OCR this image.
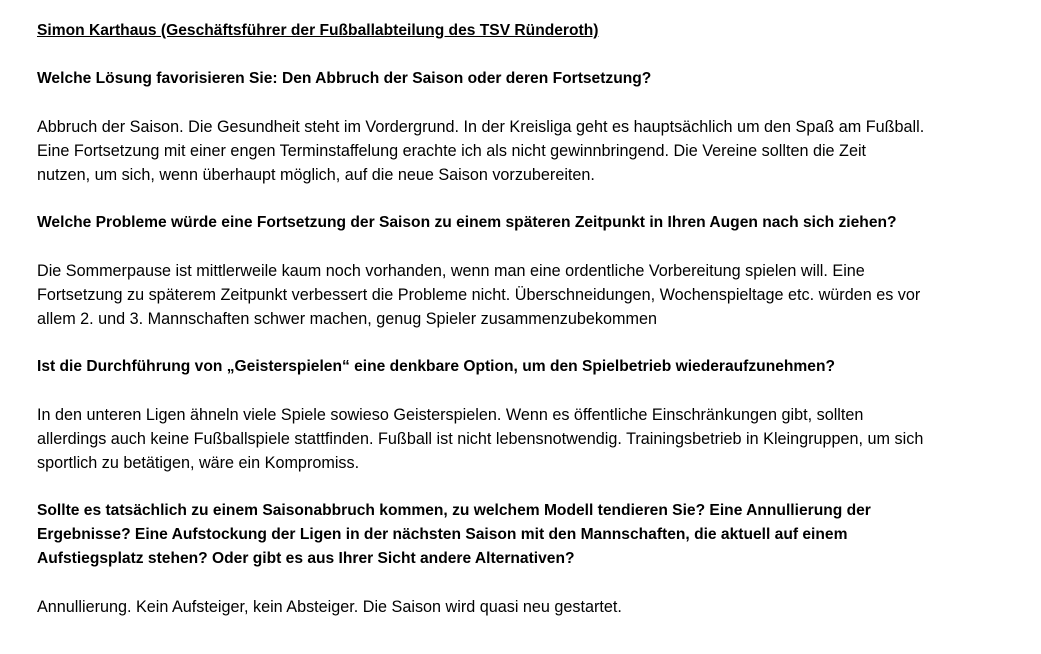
Simon Karthaus (Geschäftsführer der Fußballabteilung des TSV Ründeroth)
Welche Lösung favorisieren Sie: Den Abbruch der Saison oder deren Fortsetzung?
Abbruch der Saison. Die Gesundheit steht im Vordergrund. In der Kreisliga geht es hauptsächlich um den Spaß am Fußball.
Eine Fortsetzung mit einer engen Terminstaffelung erachte ich als nicht gewinnbringend. Die Vereine sollten die Zeit
nutzen, um sich, wenn überhaupt möglich, auf die neue Saison vorzubereiten.
Welche Probleme würde eine Fortsetzung der Saison zu einem späteren Zeitpunkt in Ihren Augen nach sich ziehen?
Die Sommerpause ist mittlerweile kaum noch vorhanden, wenn man eine ordentliche Vorbereitung spielen will. Eine
Fortsetzung zu späterem Zeitpunkt verbessert die Probleme nicht. Überschneidungen, Wochenspieltage etc. würden es vor
allem 2. und 3. Mannschaften schwer machen, genug Spieler zusammenzubekommen
Ist die Durchführung von „Geisterspielen“ eine denkbare Option, um den Spielbetrieb wiederaufzunehmen?
In den unteren Ligen ähneln viele Spiele sowieso Geisterspielen. Wenn es öffentliche Einschränkungen gibt, sollten
allerdings auch keine Fußballspiele stattfinden. Fußball ist nicht lebensnotwendig. Trainingsbetrieb in Kleingruppen, um sich
sportlich zu betätigen, wäre ein Kompromiss.
Sollte es tatsächlich zu einem Saisonabbruch kommen, zu welchem Modell tendieren Sie? Eine Annullierung der
Ergebnisse? Eine Aufstockung der Ligen in der nächsten Saison mit den Mannschaften, die aktuell auf einem
Aufstiegsplatz stehen? Oder gibt es aus Ihrer Sicht andere Alternativen?
Annullierung. Kein Aufsteiger, kein Absteiger. Die Saison wird quasi neu gestartet.
